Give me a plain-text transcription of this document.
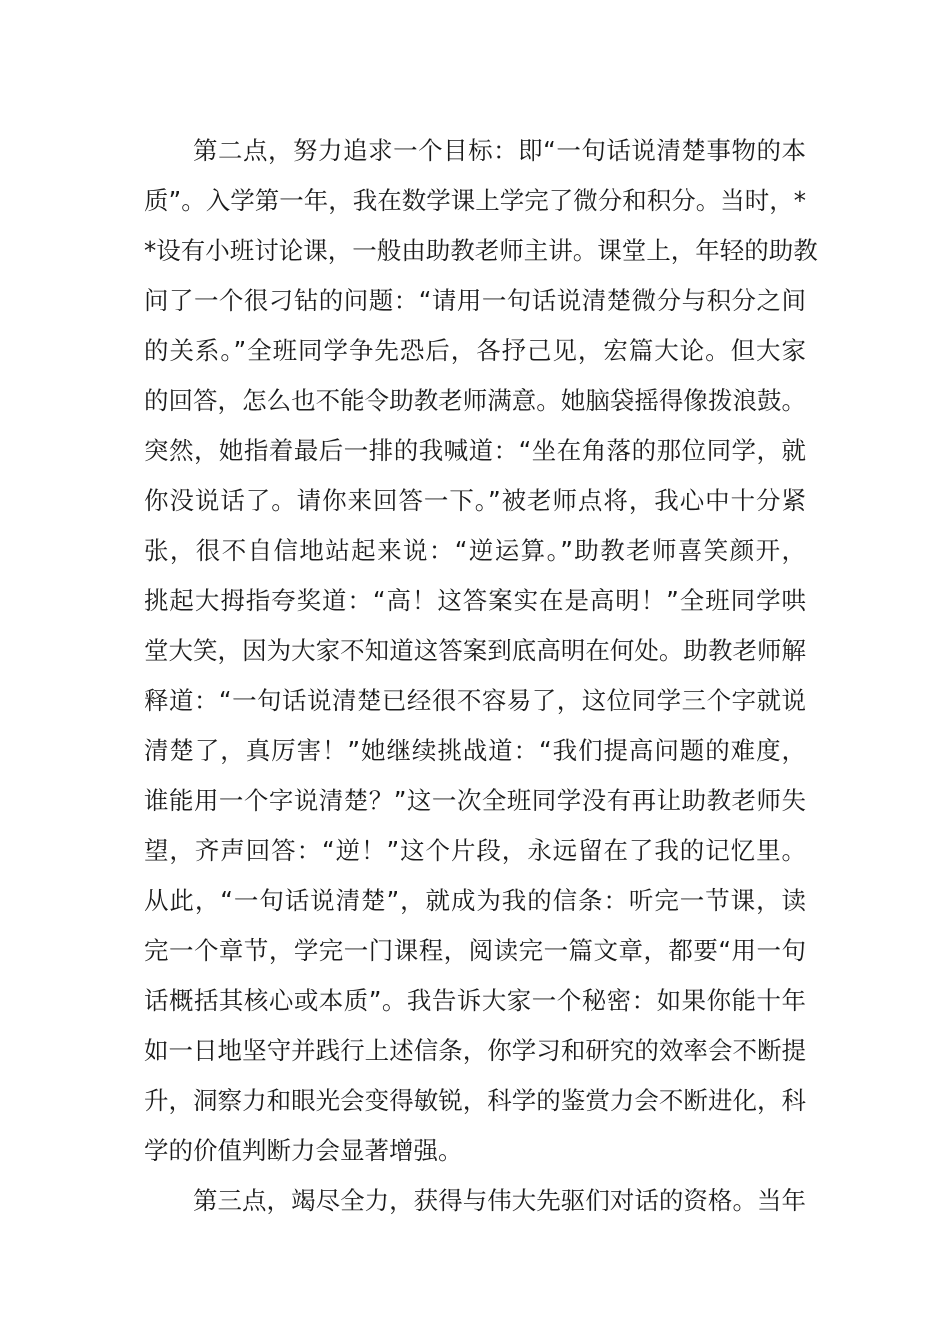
第二点，努力追求一个目标：即“一句话说清楚事物的本
质”。入学第一年，我在数学课上学完了微分和积分。当时，*
*设有小班讨论课，一般由助教老师主讲。课堂上，年轻的助教
问了一个很刁钻的问题：“请用一句话说清楚微分与积分之间
的关系。”全班同学争先恐后，各抒己见，宏篇大论。但大家
的回答，怎么也不能令助教老师满意。她脑袋摇得像拨浪鼓。
突然，她指着最后一排的我喊道：“坐在角落的那位同学，就
你没说话了。请你来回答一下。”被老师点将，我心中十分紧
张，很不自信地站起来说：“逆运算。”助教老师喜笑颜开，
挑起大拇指夸奖道：“高！这答案实在是高明！”全班同学哄
堂大笑，因为大家不知道这答案到底高明在何处。助教老师解
释道：“一句话说清楚已经很不容易了，这位同学三个字就说
清楚了，真厉害！”她继续挑战道：“我们提高问题的难度，
谁能用一个字说清楚？”这一次全班同学没有再让助教老师失
望，齐声回答：“逆！”这个片段，永远留在了我的记忆里。
从此，“一句话说清楚”，就成为我的信条：听完一节课，读
完一个章节，学完一门课程，阅读完一篇文章，都要“用一句
话概括其核心或本质”。我告诉大家一个秘密：如果你能十年
如一日地坚守并践行上述信条，你学习和研究的效率会不断提
升，洞察力和眼光会变得敏锐，科学的鉴赏力会不断进化，科
学的价值判断力会显著增强。
第三点，竭尽全力，获得与伟大先驱们对话的资格。当年
